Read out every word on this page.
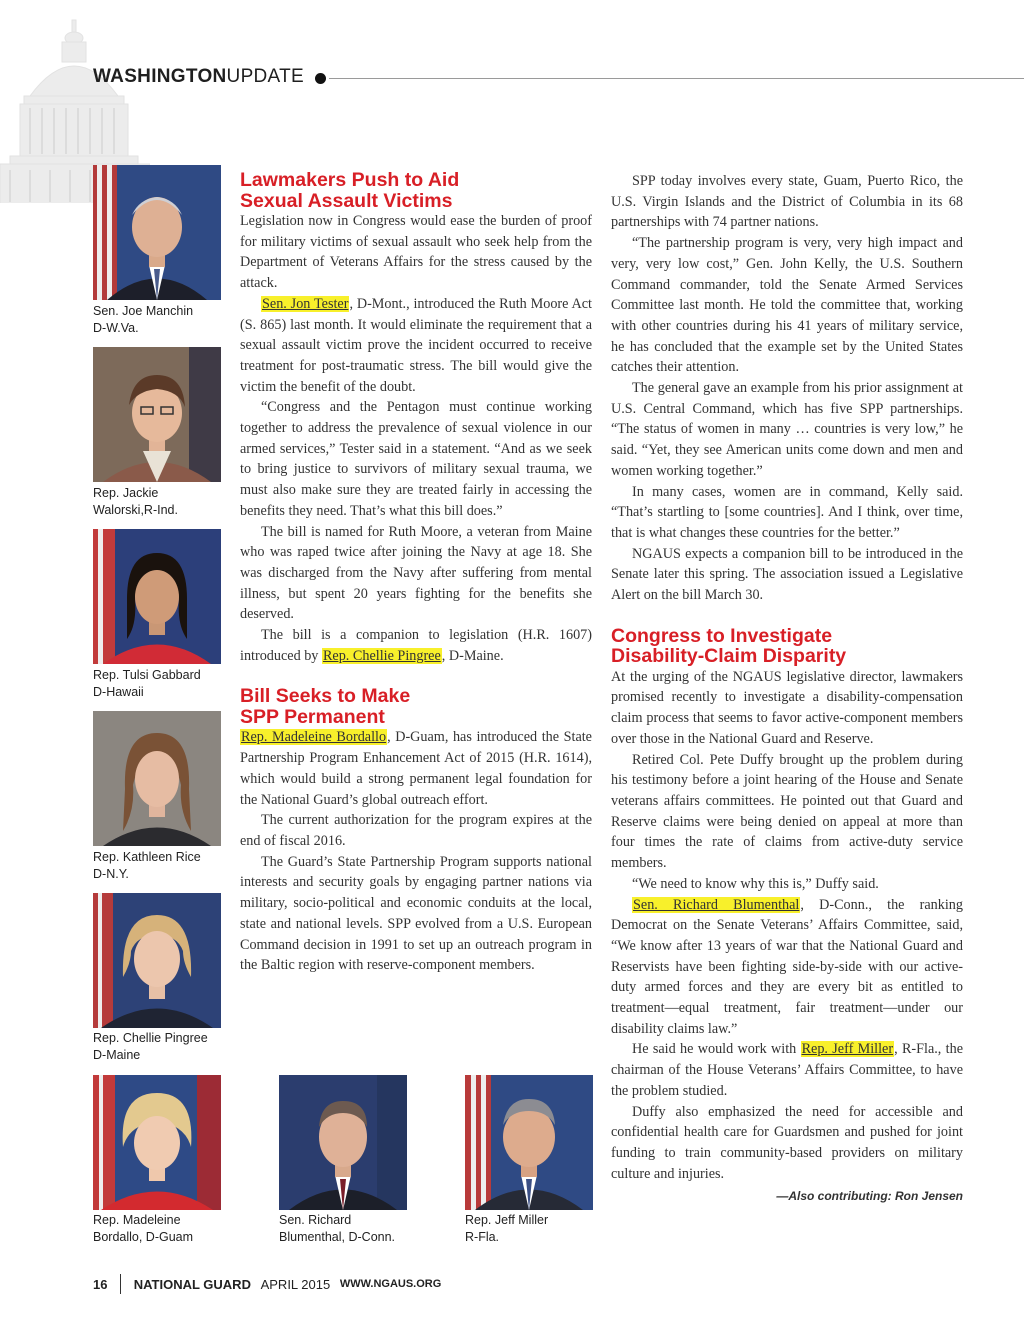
WASHINGTONUPDATE
Sen. Joe Manchin
D-W.Va.
Rep. Jackie
Walorski,R-Ind.
Rep. Tulsi Gabbard
D-Hawaii
Rep. Kathleen Rice
D-N.Y.
Rep. Chellie Pingree
D-Maine
Rep. Madeleine
Bordallo, D-Guam
Sen. Richard
Blumenthal, D-Conn.
Rep. Jeff Miller
R-Fla.
Lawmakers Push to Aid
Sexual Assault Victims

Legislation now in Congress would ease the burden of proof for military victims of sexual assault who seek help from the Department of Veterans Affairs for the stress caused by the attack.

Sen. Jon Tester, D-Mont., introduced the Ruth Moore Act (S. 865) last month. It would eliminate the requirement that a sexual assault victim prove the incident occurred to receive treatment for post-traumatic stress. The bill would give the victim the benefit of the doubt.

“Congress and the Pentagon must continue working together to address the prevalence of sexual violence in our armed services,” Tester said in a statement. “And as we seek to bring justice to survivors of military sexual trauma, we must also make sure they are treated fairly in accessing the benefits they need. That’s what this bill does.”

The bill is named for Ruth Moore, a veteran from Maine who was raped twice after joining the Navy at age 18. She was discharged from the Navy after suffering from mental illness, but spent 20 years fighting for the benefits she deserved.

The bill is a companion to legislation (H.R. 1607) introduced by Rep. Chellie Pingree, D-Maine.

Bill Seeks to Make
SPP Permanent

Rep. Madeleine Bordallo, D-Guam, has introduced the State Partnership Program Enhancement Act of 2015 (H.R. 1614), which would build a strong permanent legal foundation for the National Guard’s global outreach effort.

The current authorization for the program expires at the end of fiscal 2016.

The Guard’s State Partnership Program supports national interests and security goals by engaging partner nations via military, socio-political and economic conduits at the local, state and national levels. SPP evolved from a U.S. European Command decision in 1991 to set up an outreach program in the Baltic region with reserve-component members.

SPP today involves every state, Guam, Puerto Rico, the U.S. Virgin Islands and the District of Columbia in its 68 partnerships with 74 partner nations.

“The partnership program is very, very high impact and very, very low cost,” Gen. John Kelly, the U.S. Southern Command commander, told the Senate Armed Services Committee last month. He told the committee that, working with other countries during his 41 years of military service, he has concluded that the example set by the United States catches their attention.

The general gave an example from his prior assignment at U.S. Central Command, which has five SPP partnerships. “The status of women in many … countries is very low,” he said. “Yet, they see American units come down and men and women working together.”

In many cases, women are in command, Kelly said. “That’s startling to [some countries]. And I think, over time, that is what changes these countries for the better.”

NGAUS expects a companion bill to be introduced in the Senate later this spring. The association issued a Legislative Alert on the bill March 30.

Congress to Investigate
Disability-Claim Disparity

At the urging of the NGAUS legislative director, lawmakers promised recently to investigate a disability-compensation claim process that seems to favor active-component members over those in the National Guard and Reserve.

Retired Col. Pete Duffy brought up the problem during his testimony before a joint hearing of the House and Senate veterans affairs committees. He pointed out that Guard and Reserve claims were being denied on appeal at more than four times the rate of claims from active-duty service members.

“We need to know why this is,” Duffy said.

Sen. Richard Blumenthal, D-Conn., the ranking Democrat on the Senate Veterans’ Affairs Committee, said, “We know after 13 years of war that the National Guard and Reservists have been fighting side-by-side with our active-duty armed forces and they are every bit as entitled to treatment—equal treatment, fair treatment—under our disability claims law.”

He said he would work with Rep. Jeff Miller, R-Fla., the chairman of the House Veterans’ Affairs Committee, to have the problem studied.

Duffy also emphasized the need for accessible and confidential health care for Guardsmen and pushed for joint funding to train community-based providers on military culture and injuries.

—Also contributing: Ron Jensen
16 NATIONAL GUARD APRIL 2015 WWW.NGAUS.ORG
